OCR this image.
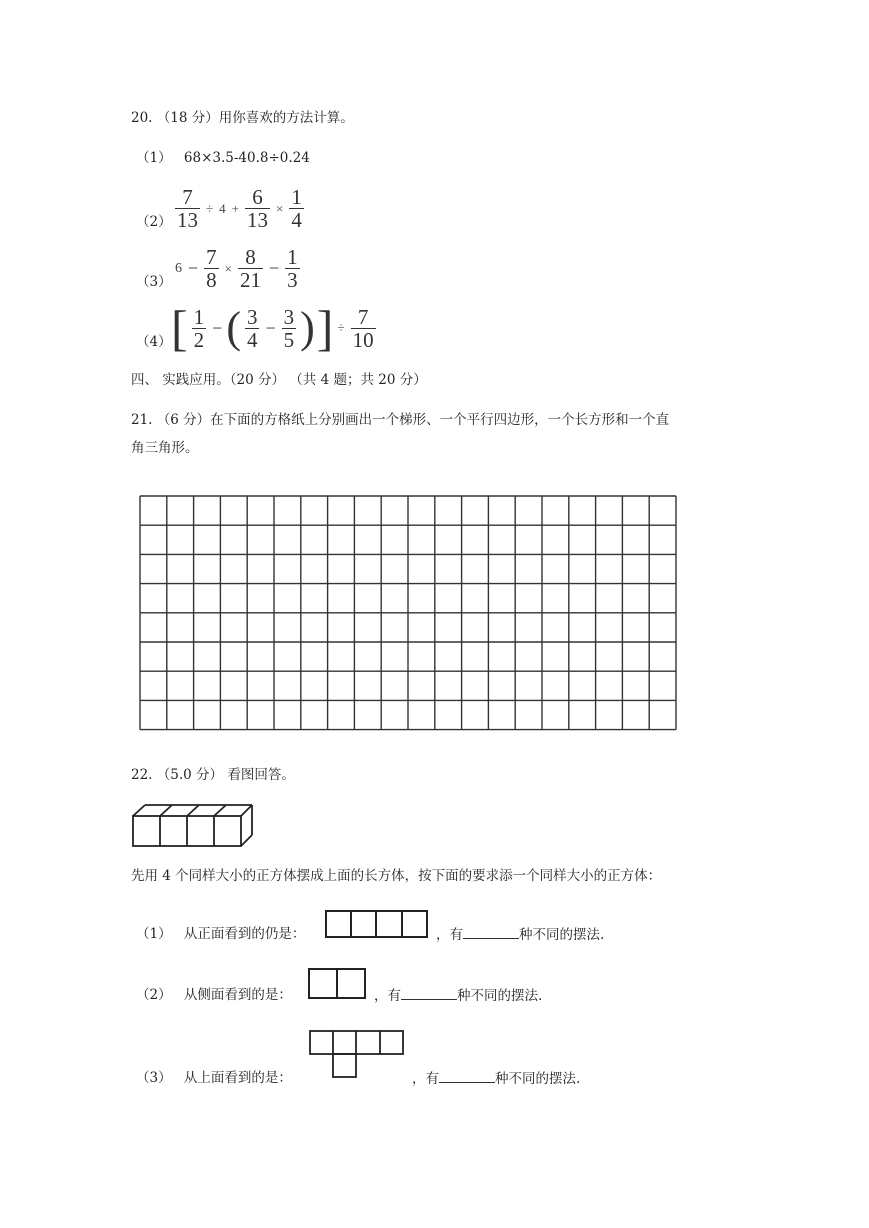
20. （18 分）用你喜欢的方法计算。
（1） 68×3.5-40.8÷0.24
$(2) \frac{7}{13} \div 4 + \frac{6}{13} \times \frac{1}{4}$
（3）
$6 - \frac{7}{8} \times \frac{8}{21} - \frac{1}{3}$
（4） [ $\frac{1}{2}$ − ( $\frac{3}{4} - \frac{3}{5}$ ) ] ÷ $\frac{7}{10}$
四、 实践应用。（20 分） （共 4 题；共 20 分）
21. （6 分）在下面的方格纸上分别画出一个梯形、一个平行四边形，一个长方形和一个直
角三角形。
22. （5.0 分） 看图回答。
先用 4 个同样大小的正方体摆成上面的长方体，按下面的要求添一个同样大小的正方体：
（1） 从正面看到的仍是：	，有	种不同的摆法.
（2） 从侧面看到的是：	，有	种不同的摆法.
（3） 从上面看到的是：	，有	种不同的摆法.
